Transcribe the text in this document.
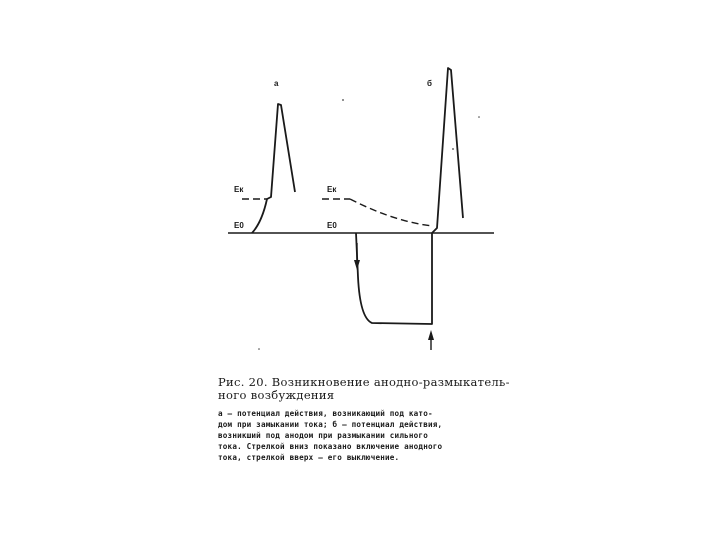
a
Eк
E0
б
Eк
E0

Рис. 20. Возникновение анодно-размыкатель-
ного возбуждения

а — потенциал действия, возникающий под като-
дом при замыкании тока; б — потенциал действия,
возникший под анодом при размыкании сильного
тока. Стрелкой вниз показано включение анодного
тока, стрелкой вверх — его выключение.
